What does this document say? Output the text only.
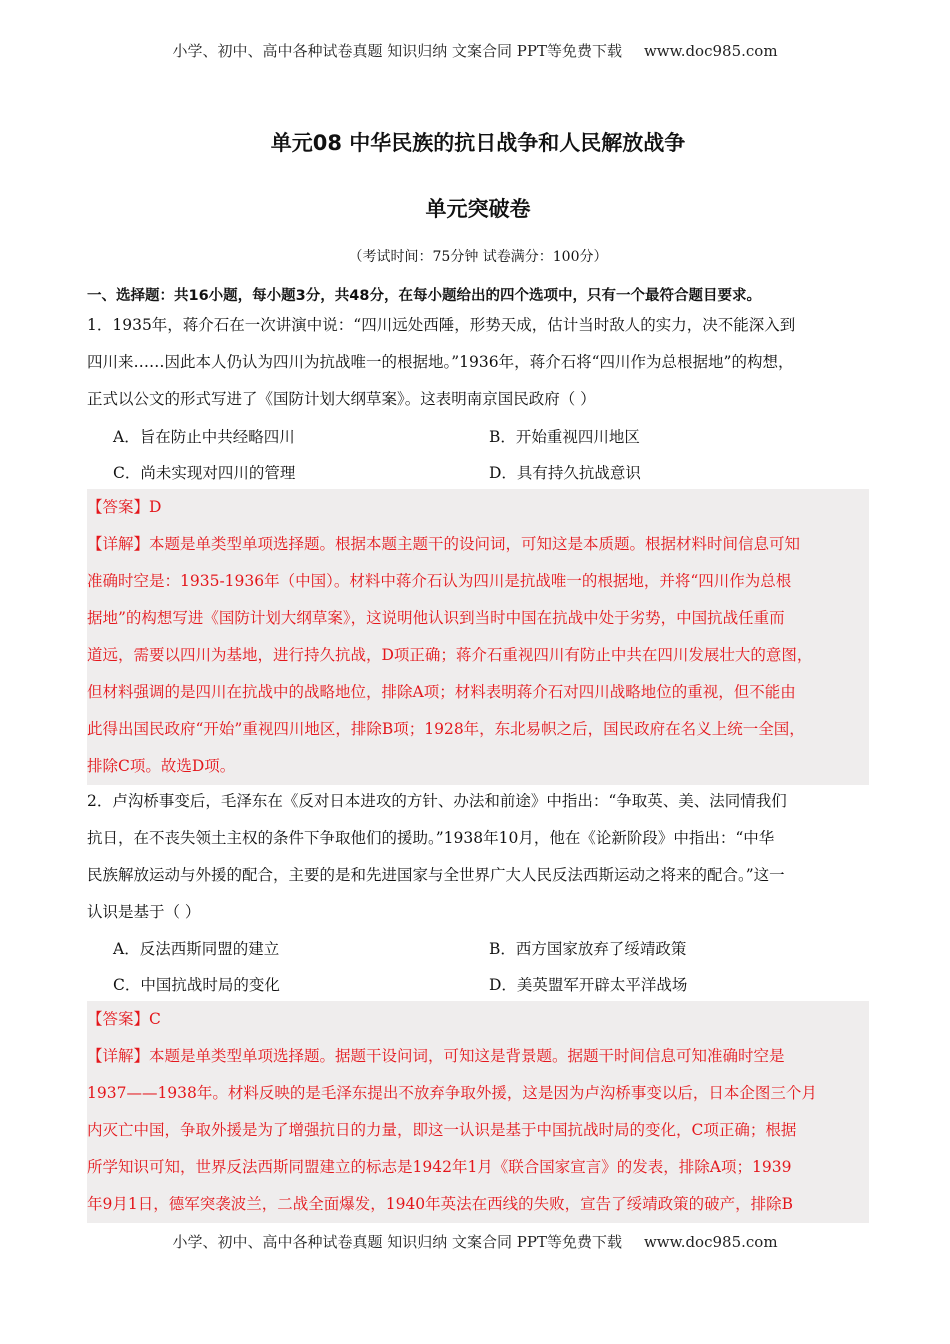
小学、初中、高中各种试卷真题 知识归纳 文案合同 PPT等免费下载 www.doc985.com
单元08 中华民族的抗日战争和人民解放战争
单元突破卷
（考试时间：75分钟 试卷满分：100分）
一、选择题：共16小题，每小题3分，共48分，在每小题给出的四个选项中，只有一个最符合题目要求。
1．1935年，蒋介石在一次讲演中说：“四川远处西陲，形势天成，估计当时敌人的实力，决不能深入到
四川来……因此本人仍认为四川为抗战唯一的根据地。”1936年，蒋介石将“四川作为总根据地”的构想，
正式以公文的形式写进了《国防计划大纲草案》。这表明南京国民政府（ ）
A．旨在防止中共经略四川	B．开始重视四川地区
C．尚未实现对四川的管理	D．具有持久抗战意识
【答案】D
【详解】本题是单类型单项选择题。根据本题主题干的设问词，可知这是本质题。根据材料时间信息可知
准确时空是：1935-1936年（中国）。材料中蒋介石认为四川是抗战唯一的根据地，并将“四川作为总根
据地”的构想写进《国防计划大纲草案》，这说明他认识到当时中国在抗战中处于劣势，中国抗战任重而
道远，需要以四川为基地，进行持久抗战，D项正确；蒋介石重视四川有防止中共在四川发展壮大的意图，
但材料强调的是四川在抗战中的战略地位，排除A项；材料表明蒋介石对四川战略地位的重视，但不能由
此得出国民政府“开始”重视四川地区，排除B项；1928年，东北易帜之后，国民政府在名义上统一全国，
排除C项。故选D项。
2．卢沟桥事变后，毛泽东在《反对日本进攻的方针、办法和前途》中指出：“争取英、美、法同情我们
抗日，在不丧失领土主权的条件下争取他们的援助。”1938年10月，他在《论新阶段》中指出：“中华
民族解放运动与外援的配合，主要的是和先进国家与全世界广大人民反法西斯运动之将来的配合。”这一
认识是基于（ ）
A．反法西斯同盟的建立	B．西方国家放弃了绥靖政策
C．中国抗战时局的变化	D．美英盟军开辟太平洋战场
【答案】C
【详解】本题是单类型单项选择题。据题干设问词，可知这是背景题。据题干时间信息可知准确时空是
1937——1938年。材料反映的是毛泽东提出不放弃争取外援，这是因为卢沟桥事变以后，日本企图三个月
内灭亡中国，争取外援是为了增强抗日的力量，即这一认识是基于中国抗战时局的变化，C项正确；根据
所学知识可知，世界反法西斯同盟建立的标志是1942年1月《联合国家宣言》的发表，排除A项；1939
年9月1日，德军突袭波兰，二战全面爆发，1940年英法在西线的失败，宣告了绥靖政策的破产，排除B
小学、初中、高中各种试卷真题 知识归纳 文案合同 PPT等免费下载 www.doc985.com
